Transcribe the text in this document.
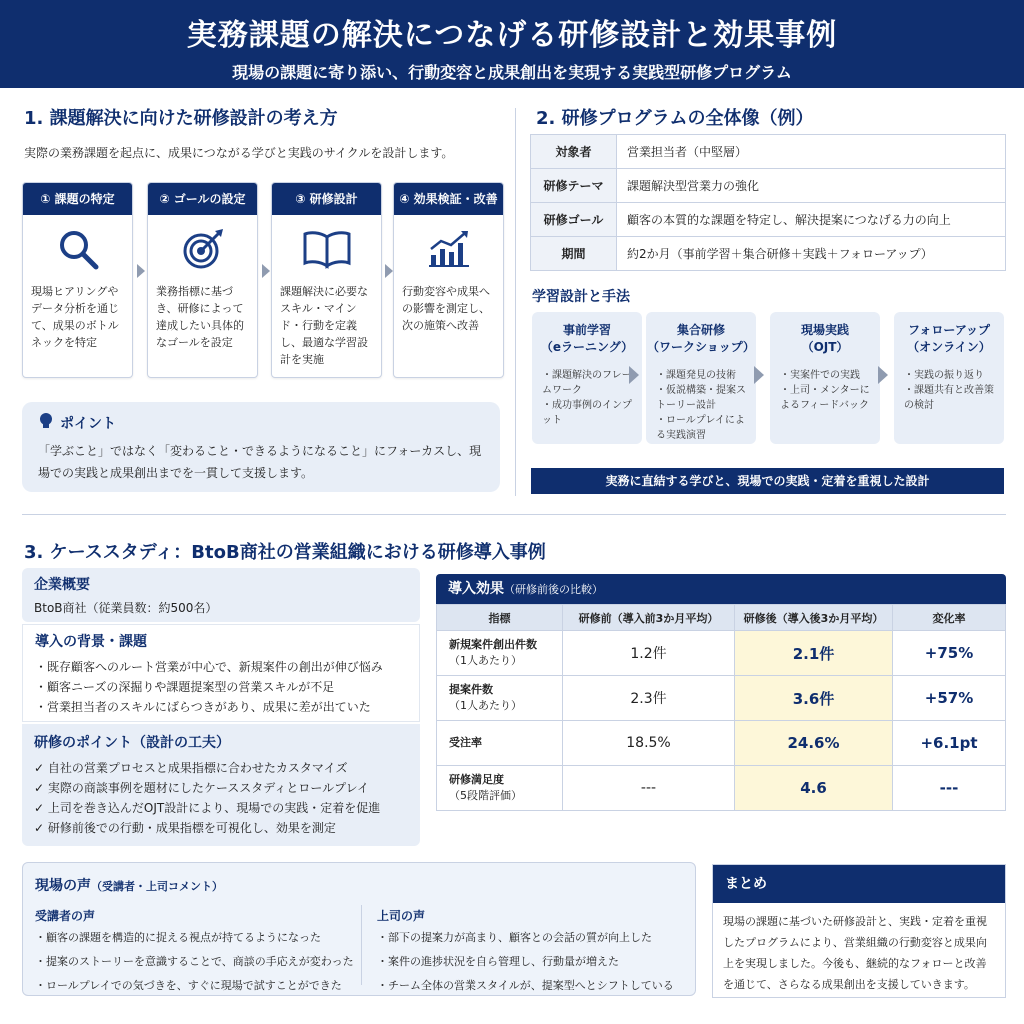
実務課題の解決につなげる研修設計と効果事例
現場の課題に寄り添い、行動変容と成果創出を実現する実践型研修プログラム
1. 課題解決に向けた研修設計の考え方
実際の業務課題を起点に、成果につながる学びと実践のサイクルを設計します。
① 課題の特定
現場ヒアリングやデータ分析を通じて、成果のボトルネックを特定
② ゴールの設定
業務指標に基づき、研修によって達成したい具体的なゴールを設定
③ 研修設計
課題解決に必要なスキル・マインド・行動を定義し、最適な学習設計を実施
④ 効果検証・改善
行動変容や成果への影響を測定し、次の施策へ改善
ポイント
「学ぶこと」ではなく「変わること・できるようになること」にフォーカスし、現場での実践と成果創出までを一貫して支援します。
2. 研修プログラムの全体像（例）
対象者	営業担当者（中堅層）
研修テーマ	課題解決型営業力の強化
研修ゴール	顧客の本質的な課題を特定し、解決提案につなげる力の向上
期間	約2か月（事前学習＋集合研修＋実践＋フォローアップ）
学習設計と手法
事前学習
（eラーニング）
・課題解決のフレームワーク
・成功事例のインプット
集合研修
（ワークショップ）
・課題発見の技術
・仮説構築・提案ストーリー設計
・ロールプレイによる実践演習
現場実践
（OJT）
・実案件での実践
・上司・メンターによるフィードバック
フォローアップ
（オンライン）
・実践の振り返り
・課題共有と改善策の検討
実務に直結する学びと、現場での実践・定着を重視した設計
3. ケーススタディ：BtoB商社の営業組織における研修導入事例
企業概要
BtoB商社（従業員数：約500名）
導入の背景・課題
・既存顧客へのルート営業が中心で、新規案件の創出が伸び悩み
・顧客ニーズの深掘りや課題提案型の営業スキルが不足
・営業担当者のスキルにばらつきがあり、成果に差が出ていた
研修のポイント（設計の工夫）
✓ 自社の営業プロセスと成果指標に合わせたカスタマイズ
✓ 実際の商談事例を題材にしたケーススタディとロールプレイ
✓ 上司を巻き込んだOJT設計により、現場での実践・定着を促進
✓ 研修前後での行動・成果指標を可視化し、効果を測定
導入効果（研修前後の比較）
指標	研修前（導入前3か月平均）	研修後（導入後3か月平均）	変化率
新規案件創出件数
（1人あたり）	1.2件	2.1件	+75%
提案件数
（1人あたり）	2.3件	3.6件	+57%
受注率	18.5%	24.6%	+6.1pt
研修満足度
（5段階評価）	---	4.6	---
現場の声（受講者・上司コメント）
受講者の声
・顧客の課題を構造的に捉える視点が持てるようになった
・提案のストーリーを意識することで、商談の手応えが変わった
・ロールプレイでの気づきを、すぐに現場で試すことができた
上司の声
・部下の提案力が高まり、顧客との会話の質が向上した
・案件の進捗状況を自ら管理し、行動量が増えた
・チーム全体の営業スタイルが、提案型へとシフトしている
まとめ
現場の課題に基づいた研修設計と、実践・定着を重視したプログラムにより、営業組織の行動変容と成果向上を実現しました。今後も、継続的なフォローと改善を通じて、さらなる成果創出を支援していきます。
